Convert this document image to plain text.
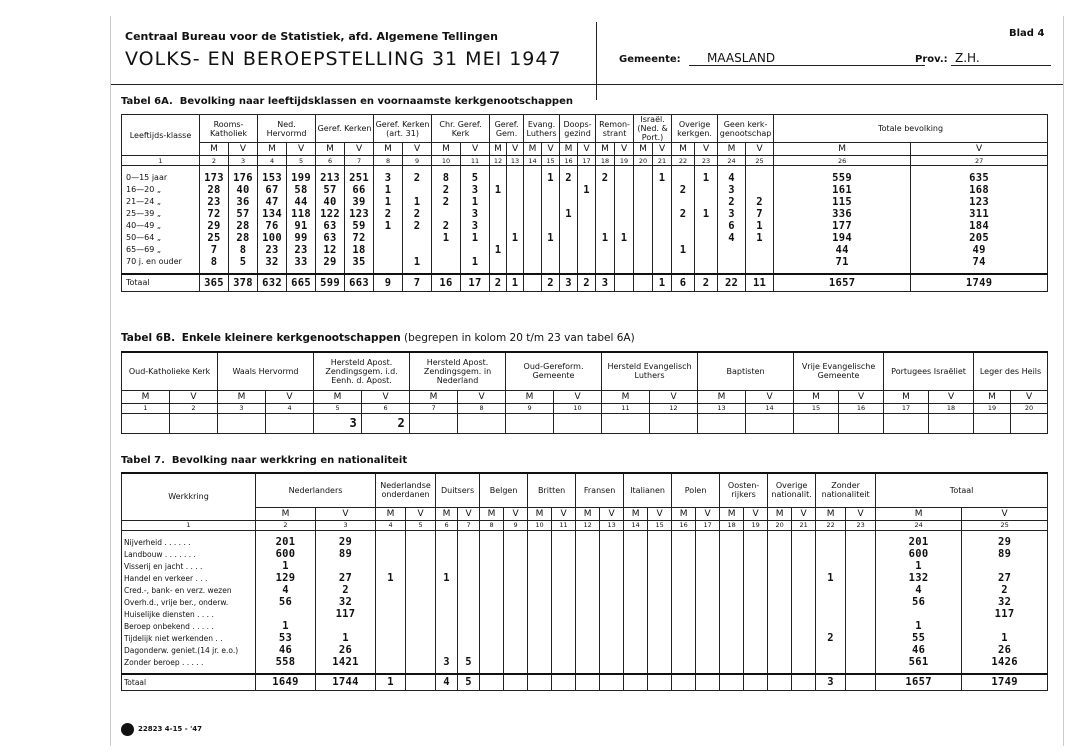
Centraal Bureau voor de Statistiek, afd. Algemene Tellingen
VOLKS- EN BEROEPSTELLING 31 MEI 1947
Blad 4
Gemeente:	MAASLAND	Prov.: Z.H.
Tabel 6A. Bevolking naar leeftijdsklassen en voornaamste kerkgenootschappen
Leeftijds-klasse	Rooms-Katholiek		Ned. Hervormd		Geref. Kerken		Geref. Kerken (art. 31)		Chr. Geref. Kerk		Geref. Gem.		Evang. Luthers		Doops-gezind		Remon-strant		Israël. (Ned. & Port.)		Overige kerkgen.		Geen kerk-genootschap		Totale bevolking	
	M	V	M	V	M	V	M	V	M	V	M	V	M	V	M	V	M	V	M	V	M	V	M	V	M	V
1	2	3	4	5	6	7	8	9	10	11	12	13	14	15	16	17	18	19	20	21	22	23	24	25	26	27

0—15 jaar	173	176	153	199	213	251	3	2	8	5				1	2		2			1		1	4		559	635
16—20 „	28	40	67	58	57	66	1		2	3	1					1					2		3		161	168
21—24 „	23	36	47	44	40	39	1	1	2	1													2	2	115	123
25—39 „	72	57	134	118	122	123	2	2		3					1						2	1	3	7	336	311
40—49 „	29	28	76	91	63	59	1	2	2	3													6	1	177	184
50—64 „	25	28	100	99	63	72			1	1		1		1			1	1					4	1	194	205
65—69 „	7	8	23	23	12	18					1										1				44	49
70 j. en ouder	8	5	32	33	29	35		1		1															71	74

Totaal	365	378	632	665	599	663	9	7	16	17	2	1		2	3	2	3			1	6	2	22	11	1657	1749
Tabel 6B. Enkele kleinere kerkgenootschappen (begrepen in kolom 20 t/m 23 van tabel 6A)
Oud-Katholieke Kerk		Waals Hervormd		Hersteld Apost. Zendingsgem. i.d. Eenh. d. Apost.		Hersteld Apost. Zendingsgem. in Nederland		Oud-Gereform. Gemeente		Hersteld Evangelisch Luthers		Baptisten		Vrije Evangelische Gemeente		Portugees Israëliet		Leger des Heils	
M	V	M	V	M	V	M	V	M	V	M	V	M	V	M	V	M	V	M	V
1	2	3	4	5	6	7	8	9	10	11	12	13	14	15	16	17	18	19	20
				3	2														
Tabel 7. Bevolking naar werkkring en nationaliteit
Werkkring	Nederlanders		Nederlandse onderdanen		Duitsers		Belgen		Britten		Fransen		Italianen		Polen		Oosten-rijkers		Overige nationalit.		Zonder nationaliteit		Totaal	
	M	V	M	V	M	V	M	V	M	V	M	V	M	V	M	V	M	V	M	V	M	V	M	V
1	2	3	4	5	6	7	8	9	10	11	12	13	14	15	16	17	18	19	20	21	22	23	24	25

Nijverheid . . . . . .	201	29																					201	29
Landbouw . . . . . . .	600	89																					600	89
Visserij en jacht . . . .	1																						1	
Handel en verkeer . . .	129	27	1		1																1		132	27
Cred.-, bank- en verz. wezen	4	2																					4	2
Overh.d., vrije ber., onderw.	56	32																					56	32
Huiselijke diensten . . . .		117																						117
Beroep onbekend . . . . .	1																						1	
Tijdelijk niet werkenden . .	53	1																			2		55	1
Dagonderw. geniet.(14 jr. e.o.)	46	26																					46	26
Zonder beroep . . . . .	558	1421			3	5																	561	1426

Totaal	1649	1744	1		4	5															3		1657	1749
22823 4-15 - '47
